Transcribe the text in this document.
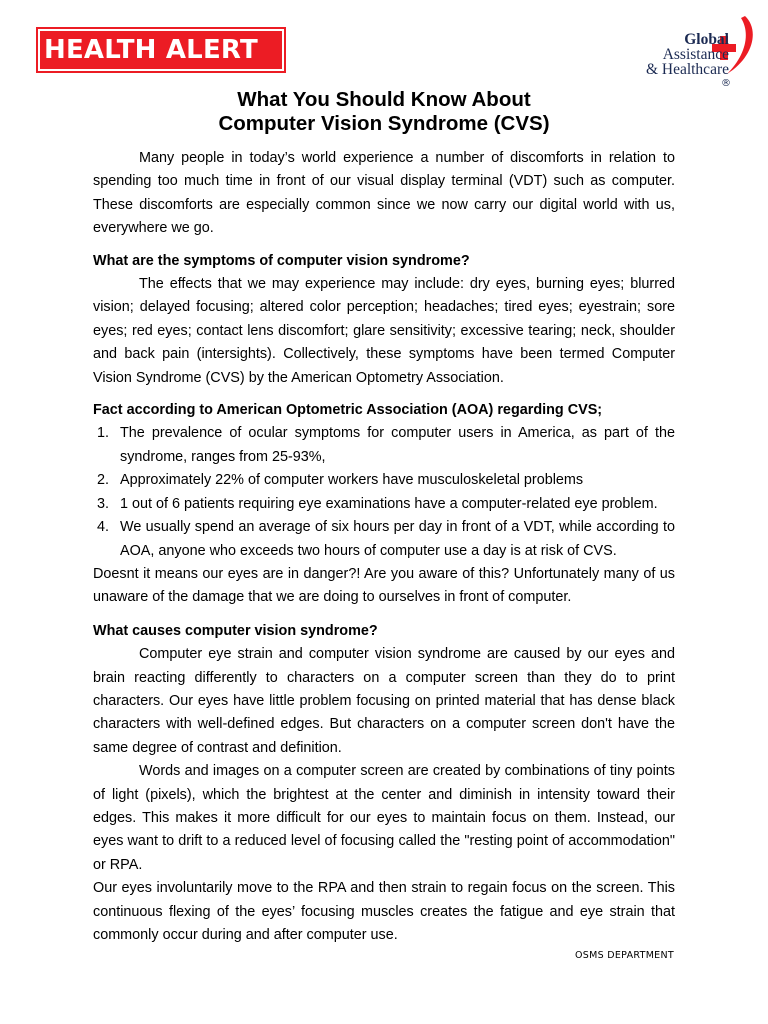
HEALTH ALERT	Global
Assistance
& Healthcare
®
What You Should Know About
Computer Vision Syndrome (CVS)

Many people in today’s world experience a number of discomforts in relation to spending too much time in front of our visual display terminal (VDT) such as computer. These discomforts are especially common since we now carry our digital world with us, everywhere we go.

What are the symptoms of computer vision syndrome?

The effects that we may experience may include: dry eyes, burning eyes; blurred vision; delayed focusing; altered color perception; headaches; tired eyes; eyestrain; sore eyes; red eyes; contact lens discomfort; glare sensitivity; excessive tearing; neck, shoulder and back pain (intersights). Collectively, these symptoms have been termed Computer Vision Syndrome (CVS) by the American Optometry Association.

Fact according to American Optometric Association (AOA) regarding CVS;

1. The prevalence of ocular symptoms for computer users in America, as part of the syndrome, ranges from 25-93%,
2. Approximately 22% of computer workers have musculoskeletal problems
3. 1 out of 6 patients requiring eye examinations have a computer-related eye problem.
4. We usually spend an average of six hours per day in front of a VDT, while according to AOA, anyone who exceeds two hours of computer use a day is at risk of CVS.

Doesnt it means our eyes are in danger?! Are you aware of this? Unfortunately many of us unaware of the damage that we are doing to ourselves in front of computer.

What causes computer vision syndrome?

Computer eye strain and computer vision syndrome are caused by our eyes and brain reacting differently to characters on a computer screen than they do to print characters. Our eyes have little problem focusing on printed material that has dense black characters with well-defined edges. But characters on a computer screen don't have the same degree of contrast and definition.

Words and images on a computer screen are created by combinations of tiny points of light (pixels), which the brightest at the center and diminish in intensity toward their edges. This makes it more difficult for our eyes to maintain focus on them. Instead, our eyes want to drift to a reduced level of focusing called the "resting point of accommodation" or RPA.

Our eyes involuntarily move to the RPA and then strain to regain focus on the screen. This continuous flexing of the eyes’ focusing muscles creates the fatigue and eye strain that commonly occur during and after computer use.

OSMS DEPARTMENT
